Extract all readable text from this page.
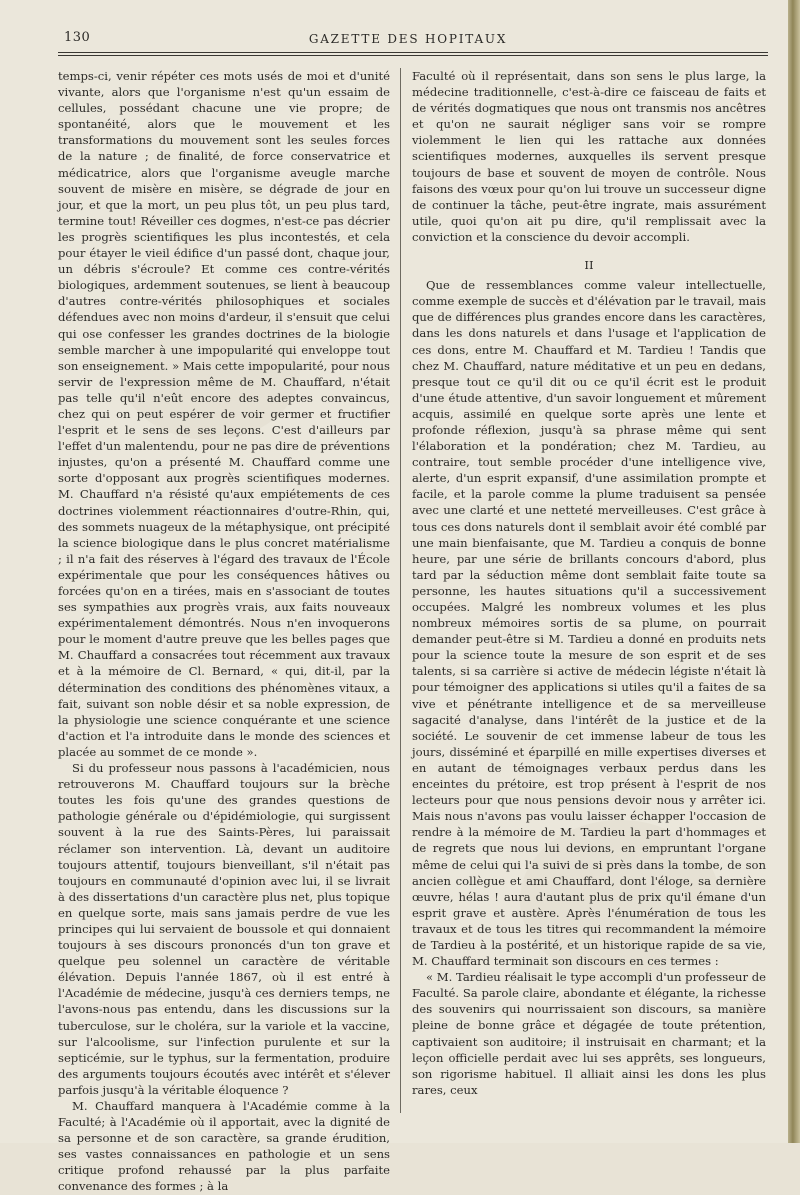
130	GAZETTE DES HOPITAUX

temps-ci, venir répéter ces mots usés de moi et d'unité vivante, alors que l'organisme n'est qu'un essaim de cellules, possédant chacune une vie propre; de spontanéité, alors que le mouvement et les transformations du mouvement sont les seules forces de la nature ; de finalité, de force conservatrice et médicatrice, alors que l'organisme aveugle marche souvent de misère en misère, se dégrade de jour en jour, et que la mort, un peu plus tôt, un peu plus tard, termine tout! Réveiller ces dogmes, n'est-ce pas décrier les progrès scientifiques les plus incontestés, et cela pour étayer le vieil édifice d'un passé dont, chaque jour, un débris s'écroule? Et comme ces contre-vérités biologiques, ardemment soutenues, se lient à beaucoup d'autres contre-vérités philosophiques et sociales défendues avec non moins d'ardeur, il s'ensuit que celui qui ose confesser les grandes doctrines de la biologie semble marcher à une impopularité qui enveloppe tout son enseignement. » Mais cette impopularité, pour nous servir de l'expression même de M. Chauffard, n'était pas telle qu'il n'eût encore des adeptes convaincus, chez qui on peut espérer de voir germer et fructifier l'esprit et le sens de ses leçons. C'est d'ailleurs par l'effet d'un malentendu, pour ne pas dire de préventions injustes, qu'on a présenté M. Chauffard comme une sorte d'opposant aux progrès scientifiques modernes. M. Chauffard n'a résisté qu'aux empiétements de ces doctrines violemment réactionnaires d'outre-Rhin, qui, des sommets nuageux de la métaphysique, ont précipité la science biologique dans le plus concret matérialisme ; il n'a fait des réserves à l'égard des travaux de l'École expérimentale que pour les conséquences hâtives ou forcées qu'on en a tirées, mais en s'associant de toutes ses sympathies aux progrès vrais, aux faits nouveaux expérimentalement démontrés. Nous n'en invoquerons pour le moment d'autre preuve que les belles pages que M. Chauffard a consacrées tout récemment aux travaux et à la mémoire de Cl. Bernard, « qui, dit-il, par la détermination des conditions des phénomènes vitaux, a fait, suivant son noble désir et sa noble expression, de la physiologie une science conquérante et une science d'action et l'a introduite dans le monde des sciences et placée au sommet de ce monde ».

Si du professeur nous passons à l'académicien, nous retrouverons M. Chauffard toujours sur la brèche toutes les fois qu'une des grandes questions de pathologie générale ou d'épidémiologie, qui surgissent souvent à la rue des Saints-Pères, lui paraissait réclamer son intervention. Là, devant un auditoire toujours attentif, toujours bienveillant, s'il n'était pas toujours en communauté d'opinion avec lui, il se livrait à des dissertations d'un caractère plus net, plus topique en quelque sorte, mais sans jamais perdre de vue les principes qui lui servaient de boussole et qui donnaient toujours à ses discours prononcés d'un ton grave et quelque peu solennel un caractère de véritable élévation. Depuis l'année 1867, où il est entré à l'Académie de médecine, jusqu'à ces derniers temps, ne l'avons-nous pas entendu, dans les discussions sur la tuberculose, sur le choléra, sur la variole et la vaccine, sur l'alcoolisme, sur l'infection purulente et sur la septicémie, sur le typhus, sur la fermentation, produire des arguments toujours écoutés avec intérêt et s'élever parfois jusqu'à la véritable éloquence ?

M. Chauffard manquera à l'Académie comme à la Faculté; à l'Académie où il apportait, avec la dignité de sa personne et de son caractère, sa grande érudition, ses vastes connaissances en pathologie et un sens critique profond rehaussé par la plus parfaite convenance des formes ; à la

Faculté où il représentait, dans son sens le plus large, la médecine traditionnelle, c'est-à-dire ce faisceau de faits et de vérités dogmatiques que nous ont transmis nos ancêtres et qu'on ne saurait négliger sans voir se rompre violemment le lien qui les rattache aux données scientifiques modernes, auxquelles ils servent presque toujours de base et souvent de moyen de contrôle. Nous faisons des vœux pour qu'on lui trouve un successeur digne de continuer la tâche, peut-être ingrate, mais assurément utile, quoi qu'on ait pu dire, qu'il remplissait avec la conviction et la conscience du devoir accompli.

II

Que de ressemblances comme valeur intellectuelle, comme exemple de succès et d'élévation par le travail, mais que de différences plus grandes encore dans les caractères, dans les dons naturels et dans l'usage et l'application de ces dons, entre M. Chauffard et M. Tardieu ! Tandis que chez M. Chauffard, nature méditative et un peu en dedans, presque tout ce qu'il dit ou ce qu'il écrit est le produit d'une étude attentive, d'un savoir longuement et mûrement acquis, assimilé en quelque sorte après une lente et profonde réflexion, jusqu'à sa phrase même qui sent l'élaboration et la pondération; chez M. Tardieu, au contraire, tout semble procéder d'une intelligence vive, alerte, d'un esprit expansif, d'une assimilation prompte et facile, et la parole comme la plume traduisent sa pensée avec une clarté et une netteté merveilleuses. C'est grâce à tous ces dons naturels dont il semblait avoir été comblé par une main bienfaisante, que M. Tardieu a conquis de bonne heure, par une série de brillants concours d'abord, plus tard par la séduction même dont semblait faite toute sa personne, les hautes situations qu'il a successivement occupées. Malgré les nombreux volumes et les plus nombreux mémoires sortis de sa plume, on pourrait demander peut-être si M. Tardieu a donné en produits nets pour la science toute la mesure de son esprit et de ses talents, si sa carrière si active de médecin légiste n'était là pour témoigner des applications si utiles qu'il a faites de sa vive et pénétrante intelligence et de sa merveilleuse sagacité d'analyse, dans l'intérêt de la justice et de la société. Le souvenir de cet immense labeur de tous les jours, disséminé et éparpillé en mille expertises diverses et en autant de témoignages verbaux perdus dans les enceintes du prétoire, est trop présent à l'esprit de nos lecteurs pour que nous pensions devoir nous y arrêter ici. Mais nous n'avons pas voulu laisser échapper l'occasion de rendre à la mémoire de M. Tardieu la part d'hommages et de regrets que nous lui devions, en empruntant l'organe même de celui qui l'a suivi de si près dans la tombe, de son ancien collègue et ami Chauffard, dont l'éloge, sa dernière œuvre, hélas ! aura d'autant plus de prix qu'il émane d'un esprit grave et austère. Après l'énumération de tous les travaux et de tous les titres qui recommandent la mémoire de Tardieu à la postérité, et un historique rapide de sa vie, M. Chauffard terminait son discours en ces termes :

« M. Tardieu réalisait le type accompli d'un professeur de Faculté. Sa parole claire, abondante et élégante, la richesse des souvenirs qui nourrissaient son discours, sa manière pleine de bonne grâce et dégagée de toute prétention, captivaient son auditoire; il instruisait en charmant; et la leçon officielle perdait avec lui ses apprêts, ses longueurs, son rigorisme habituel. Il alliait ainsi les dons les plus rares, ceux
